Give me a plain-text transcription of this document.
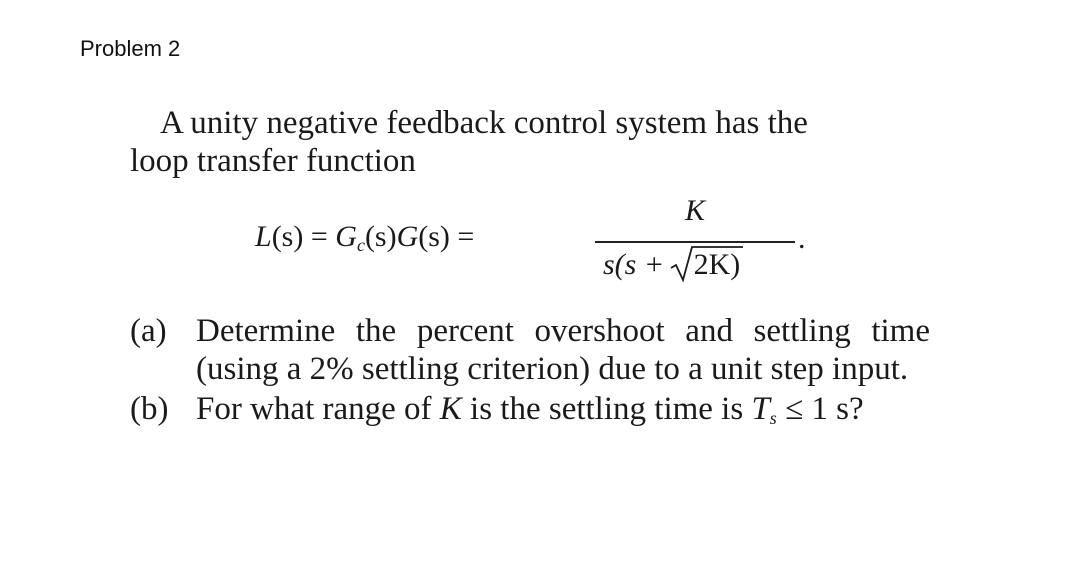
Problem 2
A unity negative feedback control system has the
loop transfer function
$L(s) = G_c(s)G(s)$ =
K
.
s(s +
2K)
(a) Determine the percent overshoot and settling time (using a 2% settling criterion) due to a unit step input.
(b) For what range of K is the settling time is $T_s \le 1$ s?
